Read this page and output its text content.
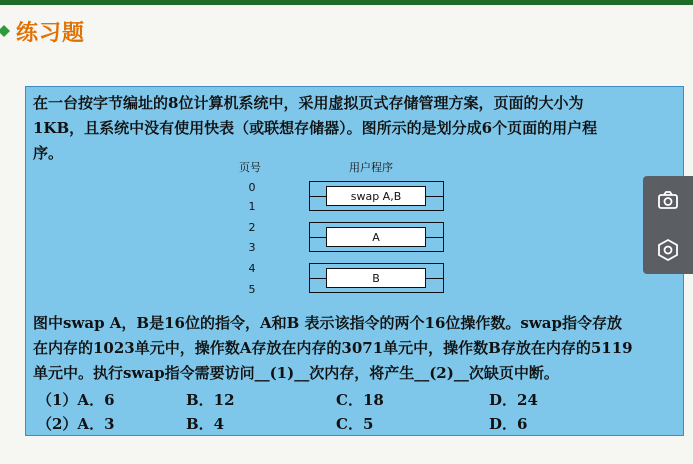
练习题
在一台按字节编址的8位计算机系统中，采用虚拟页式存储管理方案，页面的大小为
1KB，且系统中没有使用快表（或联想存储器）。图所示的是划分成6个页面的用户程
序。
页号	用户程序
0
1
2
3
4
5
swap A,B
A
B
图中swap A，B是16位的指令，A和B 表示该指令的两个16位操作数。swap指令存放
在内存的1023单元中，操作数A存放在内存的3071单元中，操作数B存放在内存的5119
单元中。执行swap指令需要访问__(1)__次内存，将产生__(2)__次缺页中断。
（1）A．6	B．12	C．18	D．24
（2）A．3	B．4	C．5	D．6
